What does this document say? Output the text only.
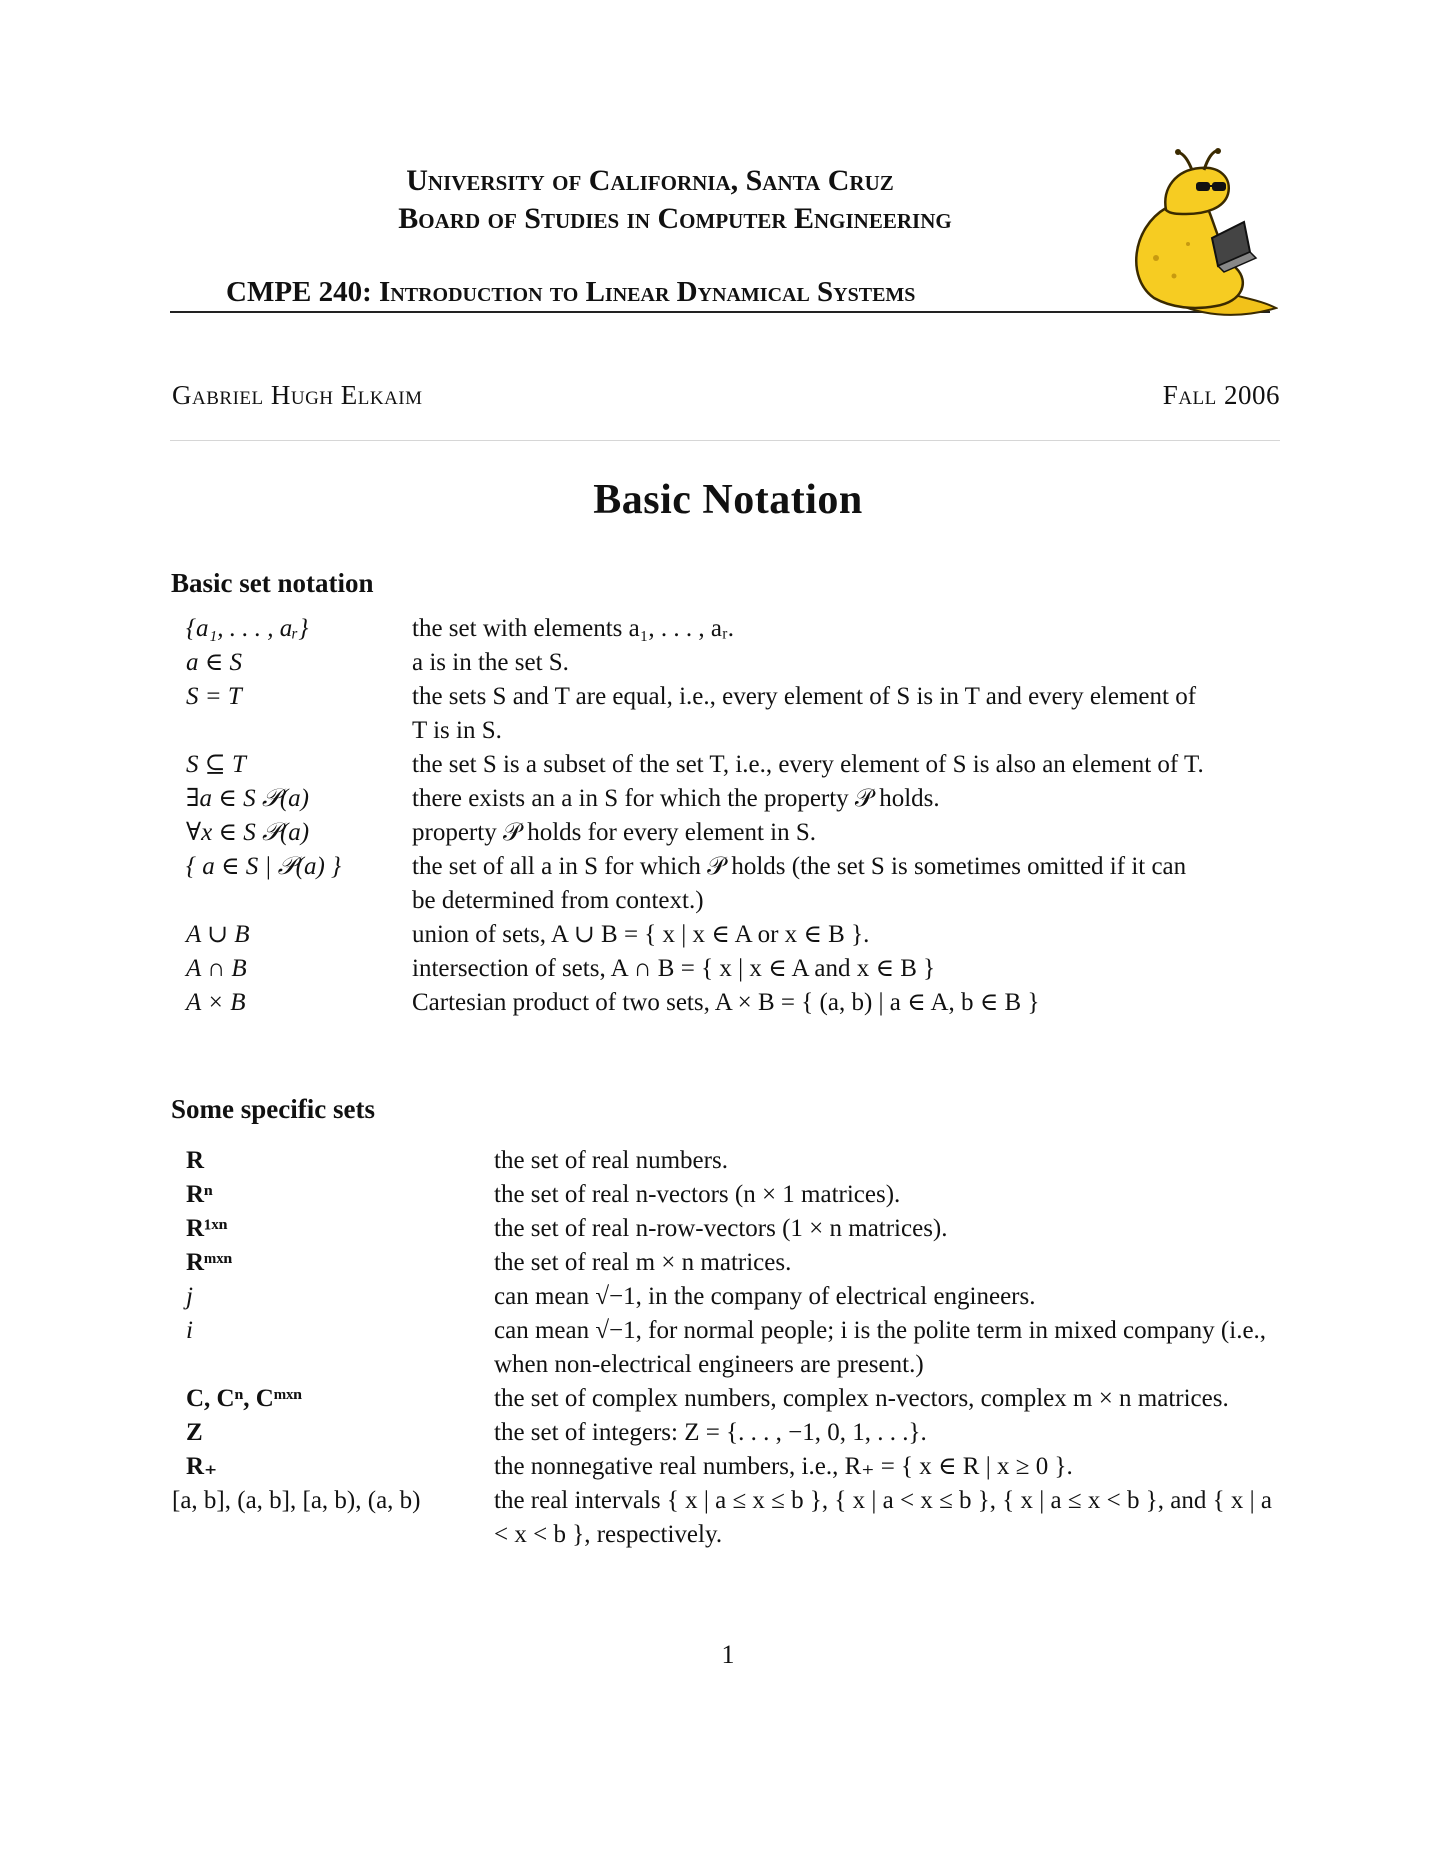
University of California, Santa Cruz
Board of Studies in Computer Engineering
CMPE 240: Introduction to Linear Dynamical Systems
Gabriel Hugh Elkaim	Fall 2006
Basic Notation
Basic set notation
{a₁, . . . , aᵣ}	the set with elements a₁, . . . , aᵣ.
a ∈ S	a is in the set S.
S = T	the sets S and T are equal, i.e., every element of S is in T and every element of T is in S.
S ⊆ T	the set S is a subset of the set T, i.e., every element of S is also an element of T.
∃a ∈ S 𝒫(a)	there exists an a in S for which the property 𝒫 holds.
∀x ∈ S 𝒫(a)	property 𝒫 holds for every element in S.
{ a ∈ S | 𝒫(a) }	the set of all a in S for which 𝒫 holds (the set S is sometimes omitted if it can be determined from context.)
A ∪ B	union of sets, A ∪ B = { x | x ∈ A or x ∈ B }.
A ∩ B	intersection of sets, A ∩ B = { x | x ∈ A and x ∈ B }
A × B	Cartesian product of two sets, A × B = { (a, b) | a ∈ A, b ∈ B }
Some specific sets
R	the set of real numbers.
Rⁿ	the set of real n-vectors (n × 1 matrices).
R¹ˣⁿ	the set of real n-row-vectors (1 × n matrices).
Rᵐˣⁿ	the set of real m × n matrices.
j	can mean √−1, in the company of electrical engineers.
i	can mean √−1, for normal people; i is the polite term in mixed company (i.e., when non-electrical engineers are present.)
C, Cⁿ, Cᵐˣⁿ	the set of complex numbers, complex n-vectors, complex m × n matrices.
Z	the set of integers: Z = {. . . , −1, 0, 1, . . .}.
R₊	the nonnegative real numbers, i.e., R₊ = { x ∈ R | x ≥ 0 }.
[a, b], (a, b], [a, b), (a, b)	the real intervals { x | a ≤ x ≤ b }, { x | a < x ≤ b }, { x | a ≤ x < b }, and { x | a < x < b }, respectively.
1
